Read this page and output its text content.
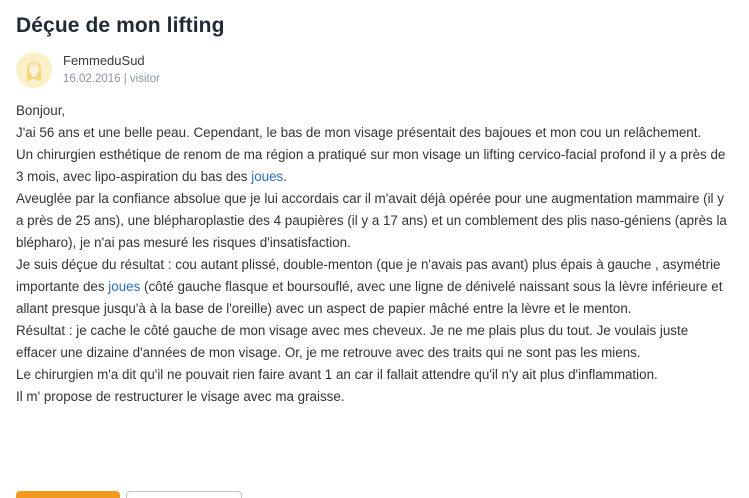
Déçue de mon lifting
FemmeduSud
16.02.2016 | visitor

Bonjour,

J'ai 56 ans et une belle peau. Cependant, le bas de mon visage présentait des bajoues et mon cou un relâchement.

Un chirurgien esthétique de renom de ma région a pratiqué sur mon visage un lifting cervico-facial profond il y a près de 3 mois, avec lipo-aspiration du bas des joues.

Aveuglée par la confiance absolue que je lui accordais car il m'avait déjà opérée pour une augmentation mammaire (il y a près de 25 ans), une blépharoplastie des 4 paupières (il y a 17 ans) et un comblement des plis naso-géniens (après la blépharo), je n'ai pas mesuré les risques d'insatisfaction.

Je suis déçue du résultat : cou autant plissé, double-menton (que je n'avais pas avant) plus épais à gauche , asymétrie importante des joues (côté gauche flasque et boursouflé, avec une ligne de dénivelé naissant sous la lèvre inférieure et allant presque jusqu'à à la base de l'oreille) avec un aspect de papier mâché entre la lèvre et le menton.

Résultat : je cache le côté gauche de mon visage avec mes cheveux. Je ne me plais plus du tout. Je voulais juste effacer une dizaine d'années de mon visage. Or, je me retrouve avec des traits qui ne sont pas les miens.

Le chirurgien m'a dit qu'il ne pouvait rien faire avant 1 an car il fallait attendre qu'il n'y ait plus d'inflammation.

Il m' propose de restructurer le visage avec ma graisse.
